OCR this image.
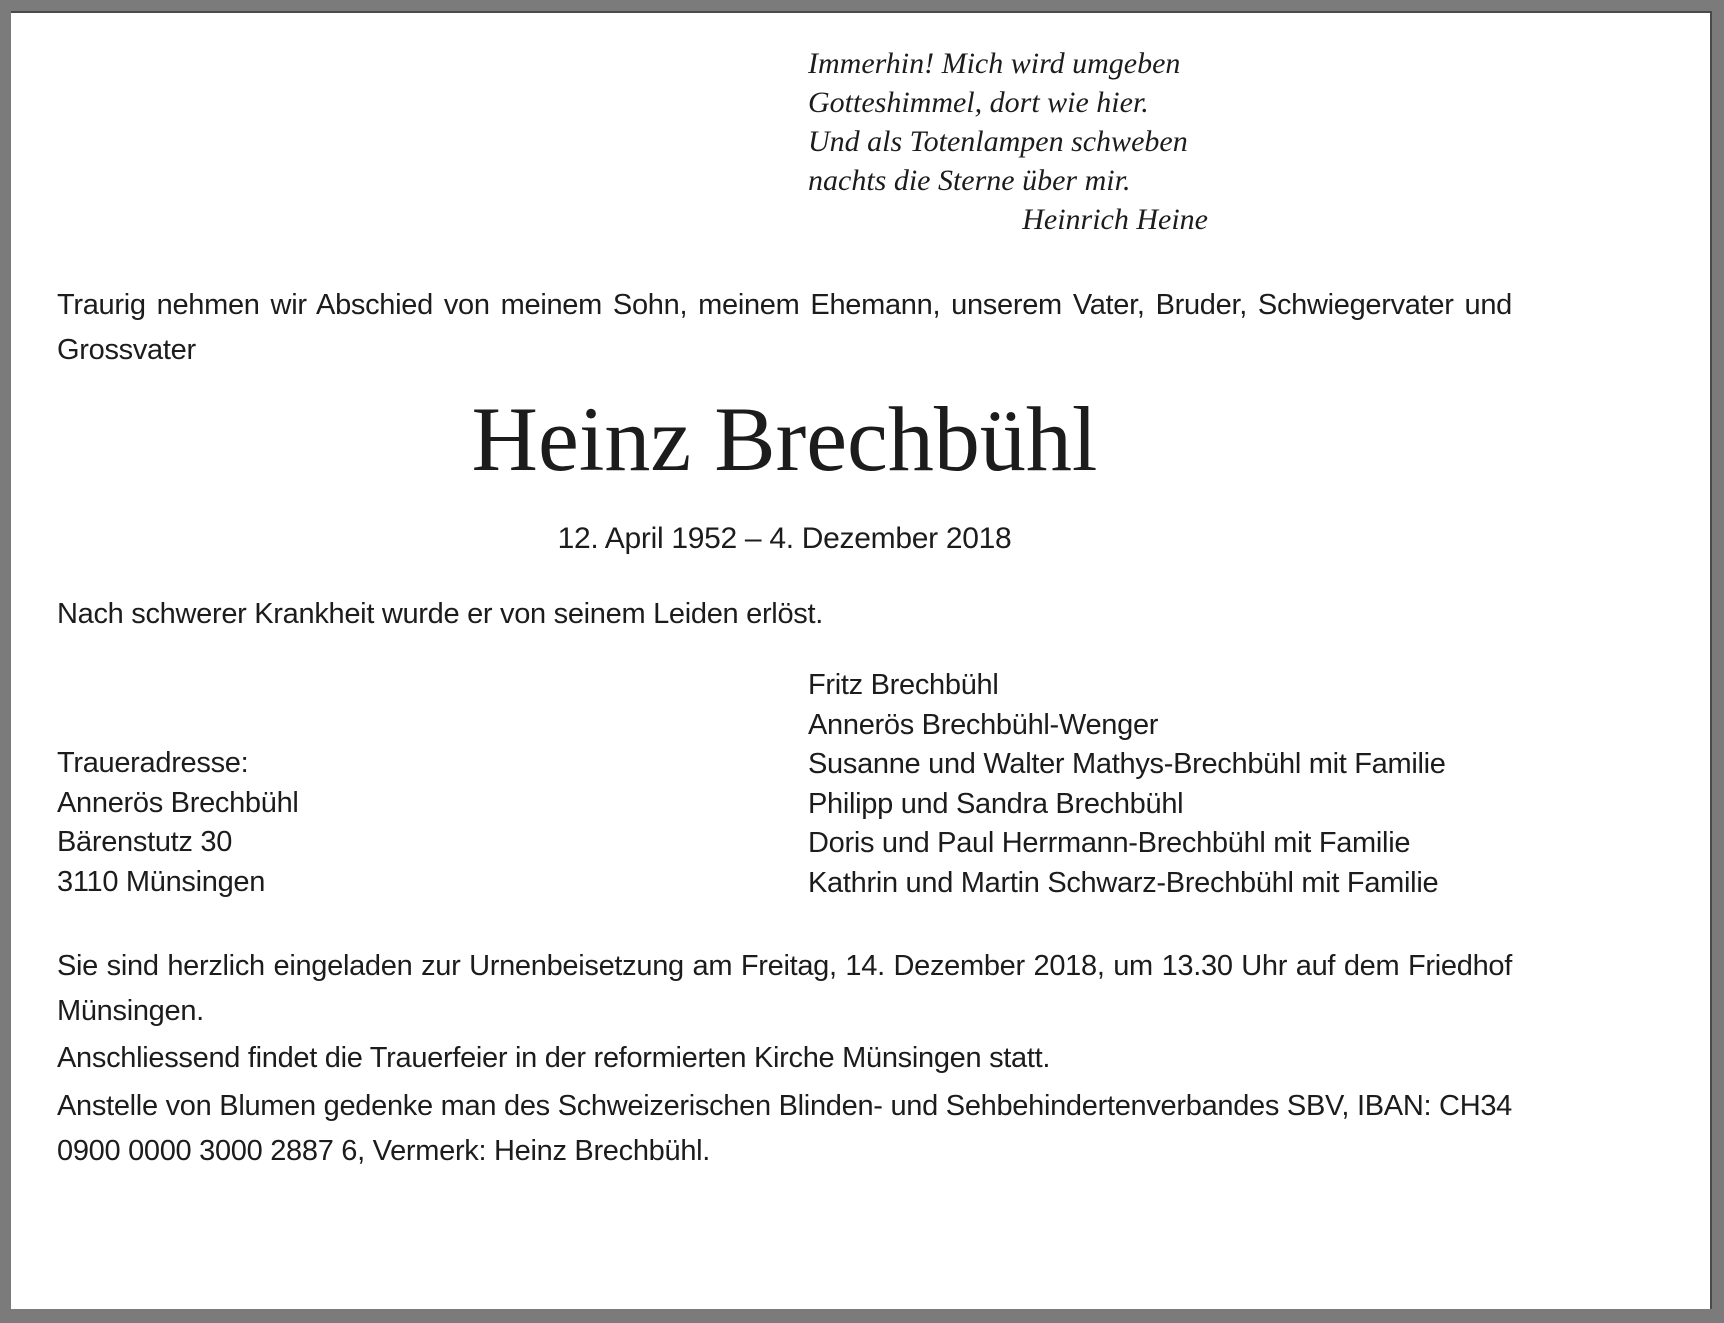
Immerhin! Mich wird umgeben
Gotteshimmel, dort wie hier.
Und als Totenlampen schweben
nachts die Sterne über mir.
Heinrich Heine
Traurig nehmen wir Abschied von meinem Sohn, meinem Ehemann, unserem Vater, Bruder, Schwiegervater und Grossvater
Heinz Brechbühl
12. April 1952 – 4. Dezember 2018
Nach schwerer Krankheit wurde er von seinem Leiden erlöst.
Traueradresse:
Annerös Brechbühl
Bärenstutz 30
3110 Münsingen
Fritz Brechbühl
Annerös Brechbühl-Wenger
Susanne und Walter Mathys-Brechbühl mit Familie
Philipp und Sandra Brechbühl
Doris und Paul Herrmann-Brechbühl mit Familie
Kathrin und Martin Schwarz-Brechbühl mit Familie
Sie sind herzlich eingeladen zur Urnenbeisetzung am Freitag, 14. Dezember 2018, um 13.30 Uhr auf dem Friedhof Münsingen.
Anschliessend findet die Trauerfeier in der reformierten Kirche Münsingen statt.
Anstelle von Blumen gedenke man des Schweizerischen Blinden- und Sehbehindertenverbandes SBV, IBAN: CH34 0900 0000 3000 2887 6, Vermerk: Heinz Brechbühl.
